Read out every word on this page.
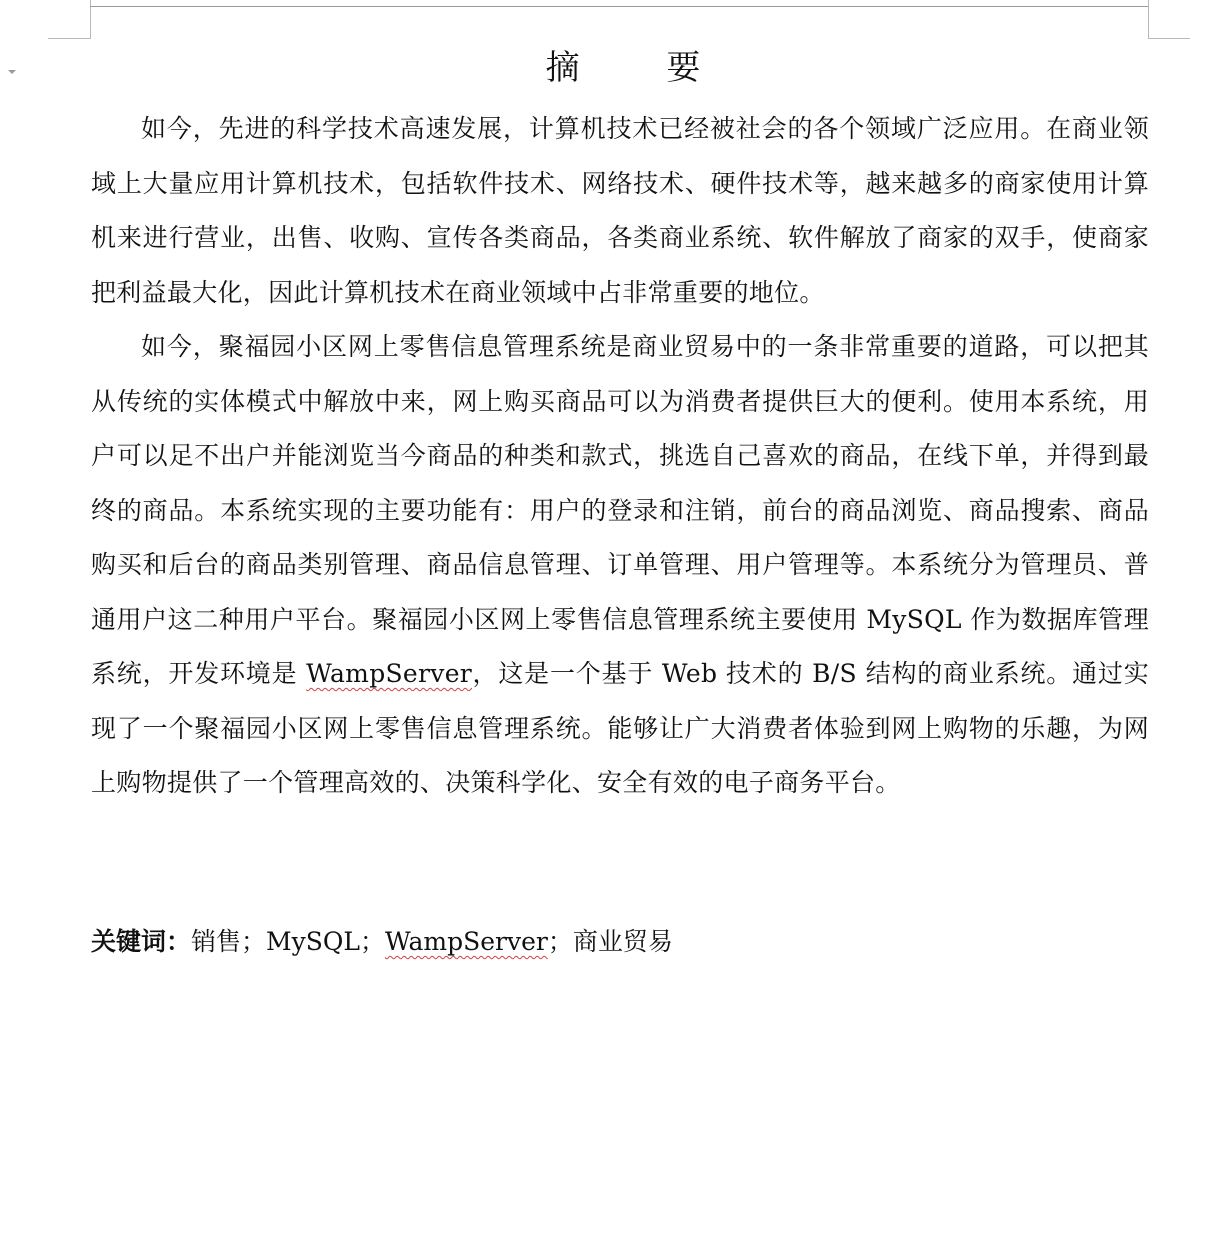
摘 要

如今，先进的科学技术高速发展，计算机技术已经被社会的各个领域广泛应用。在商业领域上大量应用计算机技术，包括软件技术、网络技术、硬件技术等，越来越多的商家使用计算机来进行营业，出售、收购、宣传各类商品，各类商业系统、软件解放了商家的双手，使商家把利益最大化，因此计算机技术在商业领域中占非常重要的地位。

如今，聚福园小区网上零售信息管理系统是商业贸易中的一条非常重要的道路，可以把其从传统的实体模式中解放中来，网上购买商品可以为消费者提供巨大的便利。使用本系统，用户可以足不出户并能浏览当今商品的种类和款式，挑选自己喜欢的商品，在线下单，并得到最终的商品。本系统实现的主要功能有：用户的登录和注销，前台的商品浏览、商品搜索、商品购买和后台的商品类别管理、商品信息管理、订单管理、用户管理等。本系统分为管理员、普通用户这二种用户平台。聚福园小区网上零售信息管理系统主要使用 MySQL 作为数据库管理系统，开发环境是 WampServer，这是一个基于 Web 技术的 B/S 结构的商业系统。通过实现了一个聚福园小区网上零售信息管理系统。能够让广大消费者体验到网上购物的乐趣，为网上购物提供了一个管理高效的、决策科学化、安全有效的电子商务平台。

关键词：销售；MySQL；WampServer；商业贸易
